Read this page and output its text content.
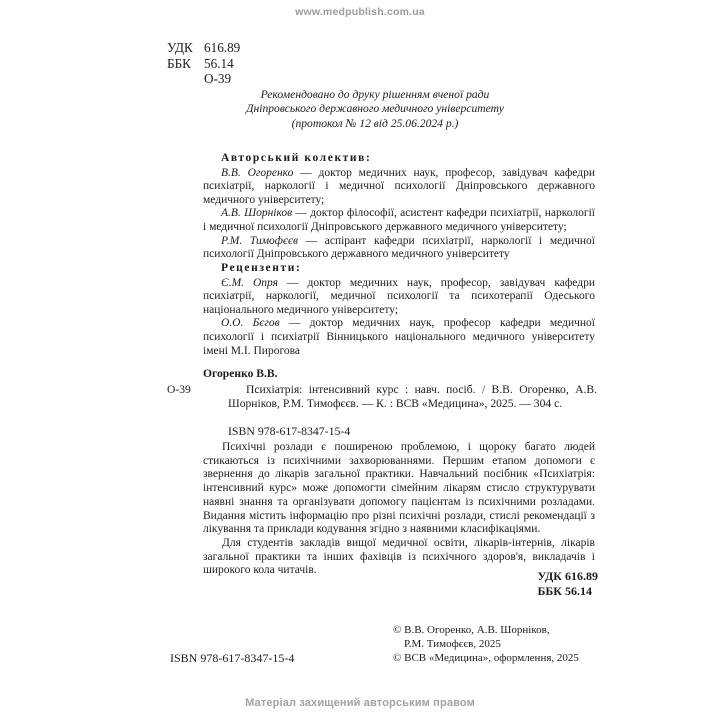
www.medpublish.com.ua
УДК 616.89
ББК 56.14
О-39
Рекомендовано до друку рішенням вченої ради
Дніпровського державного медичного університету
(протокол № 12 від 25.06.2024 р.)
Авторський колектив:

В.В. Огоренко — доктор медичних наук, професор, завідувач кафедри психіатрії, наркології і медичної психології Дніпровського державного медичного університету;

А.В. Шорніков — доктор філософії, асистент кафедри психіатрії, наркології і медичної психології Дніпровського державного медичного університету;

Р.М. Тимофєєв — аспірант кафедри психіатрії, наркології і медичної психології Дніпровського державного медичного університету

Рецензенти:

Є.М. Опря — доктор медичних наук, професор, завідувач кафедри психіатрії, наркології, медичної психології та психотерапії Одеського національного медичного університету;

О.О. Бєгов — доктор медичних наук, професор кафедри медичної психології і психіатрії Вінницького національного медичного університету імені М.І. Пирогова

Огоренко В.В.
О-39	Психіатрія: інтенсивний курс : навч. посіб. / В.В. Огоренко, А.В. Шорніков, Р.М. Тимофєєв. — К. : ВСВ «Медицина», 2025. — 304 с.
ISBN 978-617-8347-15-4

Психічні розлади є поширеною проблемою, і щороку багато людей стикаються із психічними захворюваннями. Першим етапом допомоги є звернення до лікарів загальної практики. Навчальний посібник «Психіатрія: інтенсивний курс» може допомогти сімейним лікарям стисло структурувати наявні знання та організувати допомогу пацієнтам із психічними розладами. Видання містить інформацію про різні психічні розлади, стислі рекомендації з лікування та приклади кодування згідно з наявними класифікаціями.

Для студентів закладів вищої медичної освіти, лікарів-інтернів, лікарів загальної практики та інших фахівців із психічного здоров'я, викладачів і широкого кола читачів.	УДК 616.89
ББК 56.14
© В.В. Огоренко, А.В. Шорніков,
Р.М. Тимофєєв, 2025
© ВСВ «Медицина», оформлення, 2025
ISBN 978-617-8347-15-4
Матеріал захищений авторським правом
